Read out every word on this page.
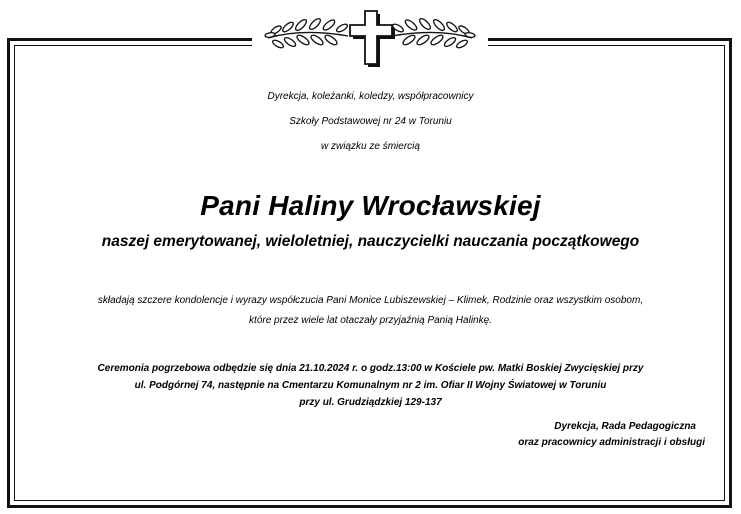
Dyrekcja, koleżanki, koledzy, współpracownicy
Szkoły Podstawowej nr 24 w Toruniu
w związku ze śmiercią
Pani Haliny Wrocławskiej
naszej emerytowanej, wieloletniej, nauczycielki nauczania początkowego
składają szczere kondolencje i wyrazy współczucia Pani Monice Lubiszewskiej – Klimek, Rodzinie oraz wszystkim osobom,
które przez wiele lat otaczały przyjaźnią Panią Halinkę.
Ceremonia pogrzebowa odbędzie się dnia 21.10.2024 r. o godz.13:00 w Kościele pw. Matki Boskiej Zwycięskiej przy
ul. Podgórnej 74, następnie na Cmentarzu Komunalnym nr 2 im. Ofiar II Wojny Światowej w Toruniu
przy ul. Grudziądzkiej 129-137
Dyrekcja, Rada Pedagogiczna
oraz pracownicy administracji i obsługi
